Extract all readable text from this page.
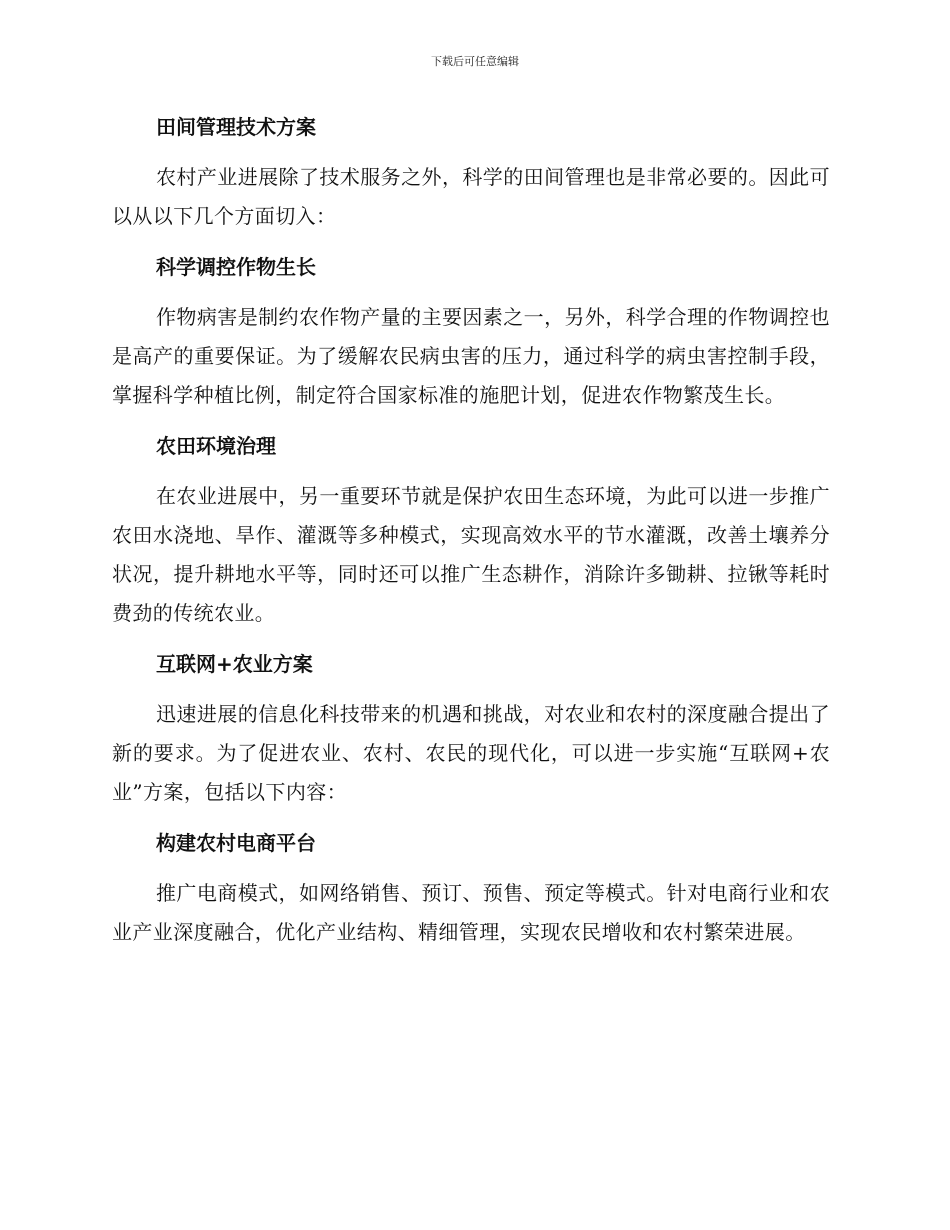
下载后可任意编辑
田间管理技术方案

农村产业进展除了技术服务之外，科学的田间管理也是非常必要的。因此可以从以下几个方面切入：

科学调控作物生长

作物病害是制约农作物产量的主要因素之一，另外，科学合理的作物调控也是高产的重要保证。为了缓解农民病虫害的压力，通过科学的病虫害控制手段，掌握科学种植比例，制定符合国家标准的施肥计划，促进农作物繁茂生长。

农田环境治理

在农业进展中，另一重要环节就是保护农田生态环境，为此可以进一步推广农田水浇地、旱作、灌溉等多种模式，实现高效水平的节水灌溉，改善土壤养分状况，提升耕地水平等，同时还可以推广生态耕作，消除许多锄耕、拉锹等耗时费劲的传统农业。

互联网+农业方案

迅速进展的信息化科技带来的机遇和挑战，对农业和农村的深度融合提出了新的要求。为了促进农业、农村、农民的现代化，可以进一步实施“互联网+农业”方案，包括以下内容：

构建农村电商平台

推广电商模式，如网络销售、预订、预售、预定等模式。针对电商行业和农业产业深度融合，优化产业结构、精细管理，实现农民增收和农村繁荣进展。
